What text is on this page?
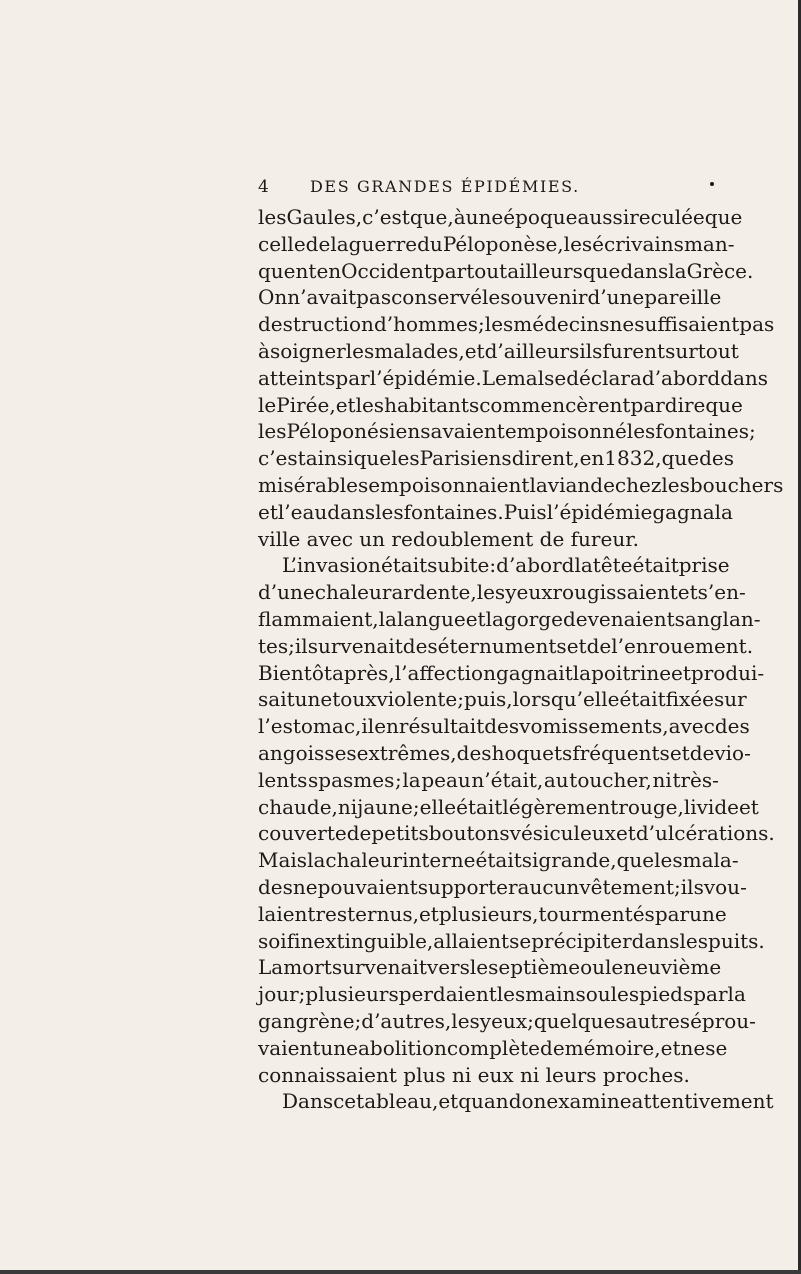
4	DES GRANDES ÉPIDÉMIES.
les Gaules, c’est que, à une époque aussi reculée que
celle de la guerre du Péloponèse, les écrivains man-
quent en Occident partout ailleurs que dans la Grèce.
On n’avait pas conservé le souvenir d’une pareille
destruction d’hommes; les médecins ne suffisaient pas
à soigner les malades, et d’ailleurs ils furent surtout
atteints par l’épidémie. Le mal se déclara d’abord dans
le Pirée, et les habitants commencèrent par dire que
les Péloponésiens avaient empoisonné les fontaines ;
c’est ainsi que les Parisiens dirent, en 1832, que des
misérables empoisonnaient la viande chez les bouchers
et l’eau dans les fontaines. Puis l’épidémie gagna la
ville avec un redoublement de fureur.
L’invasion était subite : d’abord la tête était prise
d’une chaleur ardente, les yeux rougissaient et s’en-
flammaient, la langue et la gorge devenaient sanglan-
tes ; il survenait des éternuments et de l’enrouement.
Bientôt après, l’affection gagnait la poitrine et produi-
sait une toux violente; puis, lorsqu’elle était fixée sur
l’estomac, il en résultait des vomissements, avec des
angoisses extrêmes, des hoquets fréquents et de vio-
lents spasmes ; la peau n’était, au toucher, ni très-
chaude, ni jaune; elle était légèrement rouge, livide et
couverte de petits boutons vésiculeux et d’ulcérations.
Mais la chaleur interne était si grande, que les mala-
des ne pouvaient supporter aucun vêtement; ils vou-
laient rester nus, et plusieurs, tourmentés par une
soif inextinguible, allaient se précipiter dans les puits.
La mort survenait vers le septième ou le neuvième
jour; plusieurs perdaient les mains ou les pieds par la
gangrène; d’autres, les yeux; quelques autres éprou-
vaient une abolition complète de mémoire, et ne se
connaissaient plus ni eux ni leurs proches.
Dans ce tableau, et quand on examine attentivement
